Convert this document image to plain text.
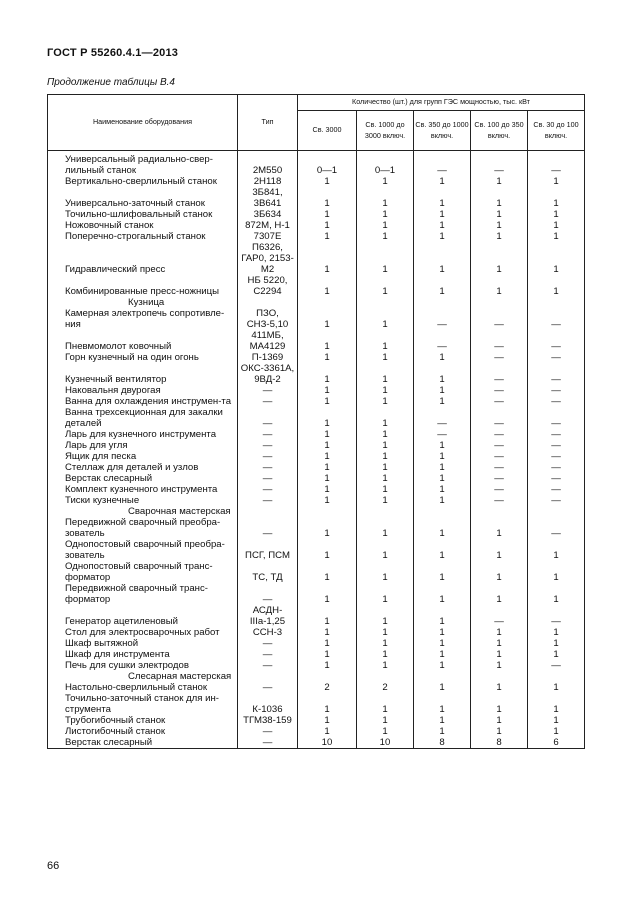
ГОСТ Р 55260.4.1—2013
Продолжение таблицы В.4
Наименование оборудования	Тип	Количество (шт.) для групп ГЭС мощностью, тыс. кВт				
		Св. 3000	Св. 1000 до 3000 включ.	Св. 350 до 1000 включ.	Св. 100 до 350 включ.	Св. 30 до 100 включ.
Универсальный радиально-свер-лильный станок	2М550	0—1	0—1	—	—	—
Вертикально-сверлильный станок	2Н118	1	1	1	1	1
Универсально-заточный станок	3Б841, 3В641	1	1	1	1	1
Точильно-шлифовальный станок	3Б634	1	1	1	1	1
Ножовочный станок	872М, Н-1	1	1	1	1	1
Поперечно-строгальный станок	7307Е	1	1	1	1	1
Гидравлический пресс	П6326, ГАР0, 2153-М2	1	1	1	1	1
Комбинированные пресс-ножницы	НБ 5220, С2294	1	1	1	1	1
Кузница						
Камерная электропечь сопротивле-ния	ПЗО, СНЗ-5,10	1	1	—	—	—
Пневмомолот ковочный	411МБ, МА4129	1	1	—	—	—
Горн кузнечный на один огонь	П-1369	1	1	1	—	—
Кузнечный вентилятор	ОКС-3361А, 9ВД-2	1	1	1	—	—
Наковальня двурогая	—	1	1	1	—	—
Ванна для охлаждения инструмен-та	—	1	1	1	—	—
Ванна трехсекционная для закалки деталей	—	1	1	—	—	—
Ларь для кузнечного инструмента	—	1	1	—	—	—
Ларь для угля	—	1	1	1	—	—
Ящик для песка	—	1	1	1	—	—
Стеллаж для деталей и узлов	—	1	1	1	—	—
Верстак слесарный	—	1	1	1	—	—
Комплект кузнечного инструмента	—	1	1	1	—	—
Тиски кузнечные	—	1	1	1	—	—
Сварочная мастерская						
Передвижной сварочный преобра-зователь	—	1	1	1	1	—
Однопостовый сварочный преобра-зователь	ПСГ, ПСМ	1	1	1	1	1
Однопостовый сварочный транс-форматор	ТС, ТД	1	1	1	1	1
Передвижной сварочный транс-форматор	—	1	1	1	1	1
Генератор ацетиленовый	АСДН-IIIа-1,25	1	1	1	—	—
Стол для электросварочных работ	ССН-3	1	1	1	1	1
Шкаф вытяжной	—	1	1	1	1	1
Шкаф для инструмента	—	1	1	1	1	1
Печь для сушки электродов	—	1	1	1	1	—
Слесарная мастерская						
Настольно-сверлильный станок	—	2	2	1	1	1
Точильно-заточный станок для ин-струмента	К-1036	1	1	1	1	1
Трубогибочный станок	ТГМ38-159	1	1	1	1	1
Листогибочный станок	—	1	1	1	1	1
Верстак слесарный	—	10	10	8	8	6
66
